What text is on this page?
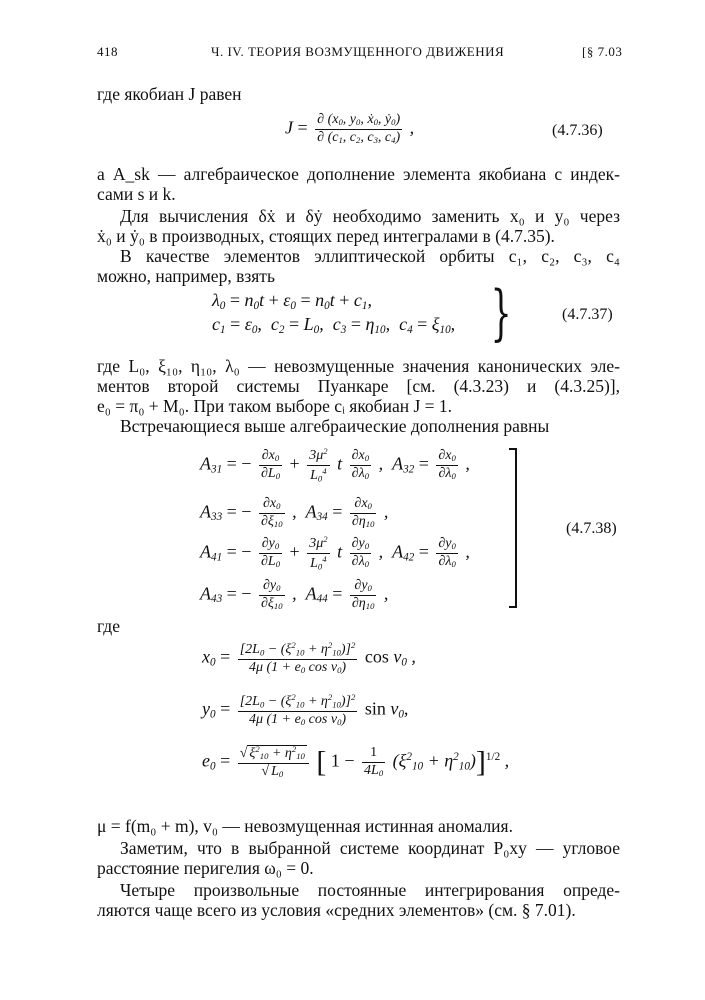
418	Ч. IV. ТЕОРИЯ ВОЗМУЩЕННОГО ДВИЖЕНИЯ	[§ 7.03
где якобиан J равен
$J = \frac{\partial (x_0, y_0, ẋ_0, ẏ_0)}{\partial (c_1, c_2, c_3, c_4)}$ ,	(4.7.36)
а A_sk — алгебраическое дополнение элемента якобиана с индек-
сами s и k.
Для вычисления δẋ и δẏ необходимо заменить x₀ и y₀ через
ẋ₀ и ẏ₀ в производных, стоящих перед интегралами в (4.7.35).
В качестве элементов эллиптической орбиты c₁, c₂, c₃, c₄
можно, например, взять
$\lambda_0 = n_0t + \varepsilon_0 = n_0t + c_1$,
$c_1 = \varepsilon_0$,  $c_2 = L_0$,  $c_3 = \eta_{10}$,  $c_4 = \xi_{10}$, }	(4.7.37)
где L₀, ξ₁₀, η₁₀, λ₀ — невозмущенные значения канонических эле-
ментов второй системы Пуанкаре [см. (4.3.23) и (4.3.25)],
e₀ = π₀ + M₀. При таком выборе cᵢ якобиан J = 1.
Встречающиеся выше алгебраические дополнения равны
$A_{31}$ = − $\frac{\partial x_0}{\partial L_0} + \frac{3\mu^2}{L_0^4}$ t $\frac{\partial x_0}{\partial\lambda_0}$ ,  $A_{32} = \frac{\partial x_0}{\partial\lambda_0}$ ,
$A_{33}$ = − $\frac{\partial x_0}{\partial\xi_{10}}$ ,  $A_{34} = \frac{\partial x_0}{\partial\eta_{10}}$ ,
$A_{41}$ = − $\frac{\partial y_0}{\partial L_0} + \frac{3\mu^2}{L_0^4}$ t $\frac{\partial y_0}{\partial\lambda_0}$ ,  $A_{42} = \frac{\partial y_0}{\partial\lambda_0}$ ,
$A_{43}$ = − $\frac{\partial y_0}{\partial\xi_{10}}$ ,  $A_{44} = \frac{\partial y_0}{\partial\eta_{10}}$ ,
(4.7.38)
где
$x_0 = \frac{[2L_0 - (\xi^2_{10} + \eta^2_{10})]^2}{4\mu (1 + e_0 \cos v_0)}$ $\cos v_0$ ,
$y_0 = \frac{[2L_0 - (\xi^2_{10} + \eta^2_{10})]^2}{4\mu (1 + e_0 \cos v_0)}$ $\sin v_0$,
$e_0 = \frac{√ \xi^2_{10} + \eta^2_{10}}{√ L_0}$ [ $1 - \frac{1}{4L_0} (\xi^2_{10} + \eta^2_{10})]^{1/2}$ ,
μ = f(m₀ + m), v₀ — невозмущенная истинная аномалия.
Заметим, что в выбранной системе координат P₀xy — угловое
расстояние перигелия ω₀ = 0.
Четыре произвольные постоянные интегрирования опреде-
ляются чаще всего из условия «средних элементов» (см. § 7.01).
